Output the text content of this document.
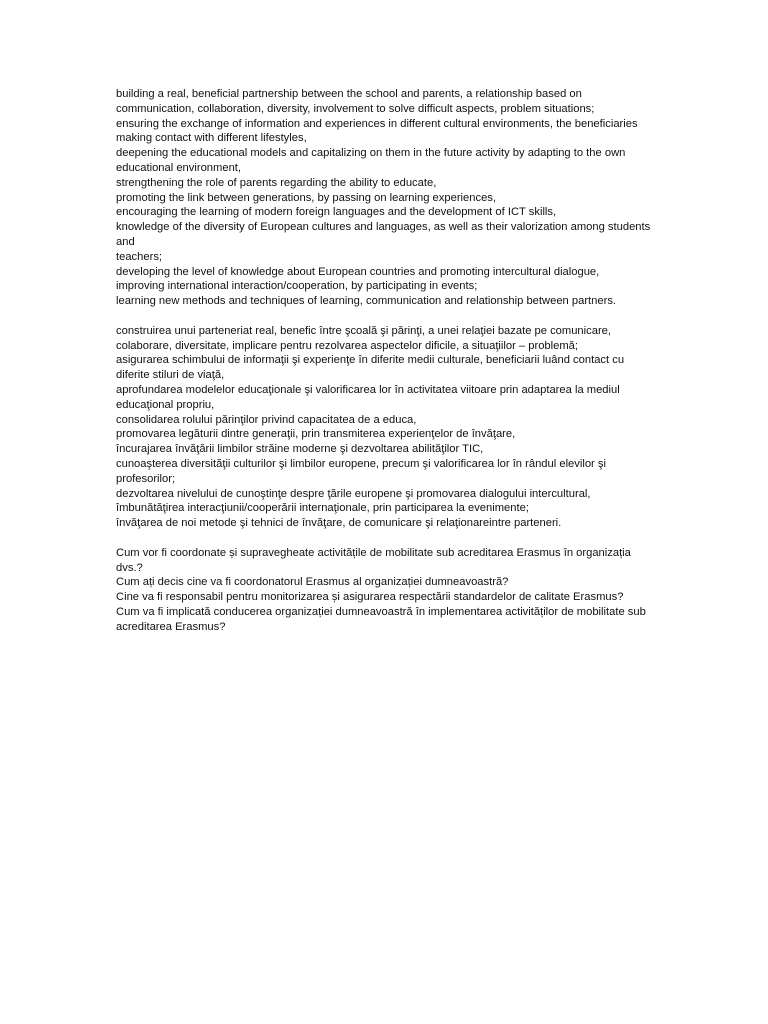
building a real, beneficial partnership between the school and parents, a relationship based on communication, collaboration, diversity, involvement to solve difficult aspects, problem situations;

ensuring the exchange of information and experiences in different cultural environments, the beneficiaries making contact with different lifestyles,

deepening the educational models and capitalizing on them in the future activity by adapting to the own educational environment,

strengthening the role of parents regarding the ability to educate,

promoting the link between generations, by passing on learning experiences,

encouraging the learning of modern foreign languages and the development of ICT skills,

knowledge of the diversity of European cultures and languages, as well as their valorization among students and

teachers;

developing the level of knowledge about European countries and promoting intercultural dialogue,

improving international interaction/cooperation, by participating in events;

learning new methods and techniques of learning, communication and relationship between partners.

construirea unui parteneriat real, benefic între şcoală şi părinţi, a unei relaţiei bazate pe comunicare, colaborare, diversitate, implicare pentru rezolvarea aspectelor dificile, a situaţiilor – problemă;

asigurarea schimbului de informaţii şi experienţe în diferite medii culturale, beneficiarii luând contact cu diferite stiluri de viaţă,

aprofundarea modelelor educaţionale şi valorificarea lor în activitatea viitoare prin adaptarea la mediul educaţional propriu,

consolidarea rolului părinţilor privind capacitatea de a educa,

promovarea legăturii dintre generaţii, prin transmiterea experienţelor de învăţare,

încurajarea învăţării limbilor străine moderne şi dezvoltarea abilităţilor TIC,

cunoaşterea diversităţii culturilor şi limbilor europene, precum şi valorificarea lor în rândul elevilor şi profesorilor;

dezvoltarea nivelului de cunoştinţe despre ţările europene şi promovarea dialogului intercultural,

îmbunătăţirea interacţiunii/cooperării internaţionale, prin participarea la evenimente;

învăţarea de noi metode şi tehnici de învăţare, de comunicare şi relaţionareintre parteneri.

Cum vor fi coordonate și supravegheate activitățile de mobilitate sub acreditarea Erasmus în organizația dvs.?

Cum ați decis cine va fi coordonatorul Erasmus al organizației dumneavoastră?

Cine va fi responsabil pentru monitorizarea și asigurarea respectării standardelor de calitate Erasmus?

Cum va fi implicată conducerea organizației dumneavoastră în implementarea activităților de mobilitate sub acreditarea Erasmus?
